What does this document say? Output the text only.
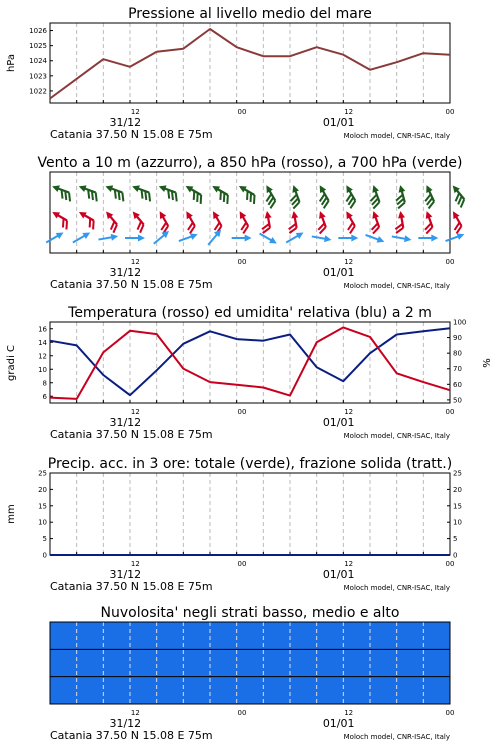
Pressione al livello medio del mare
1022
1023
1024
1025
1026
hPa
12	00	12	00
31/12	01/01
Catania 37.50 N 15.08 E 75m	Moloch model, CNR-ISAC, Italy
Vento a 10 m (azzurro), a 850 hPa (rosso), a 700 hPa (verde)
12	00	12	00
31/12	01/01
Catania 37.50 N 15.08 E 75m	Moloch model, CNR-ISAC, Italy
Temperatura (rosso) ed umidita' relativa (blu) a 2 m
6
8
10
12
14
16
50
60
70
80
90
100
gradi C	%
12	00	12	00
31/12	01/01
Catania 37.50 N 15.08 E 75m	Moloch model, CNR-ISAC, Italy
Precip. acc. in 3 ore: totale (verde), frazione solida (tratt.)
0
5
10
15
20
25
0
5
10
15
20
25
mm
12	00	12	00
31/12	01/01
Catania 37.50 N 15.08 E 75m	Moloch model, CNR-ISAC, Italy
Nuvolosita' negli strati basso, medio e alto
12	00	12	00
31/12	01/01
Catania 37.50 N 15.08 E 75m	Moloch model, CNR-ISAC, Italy
